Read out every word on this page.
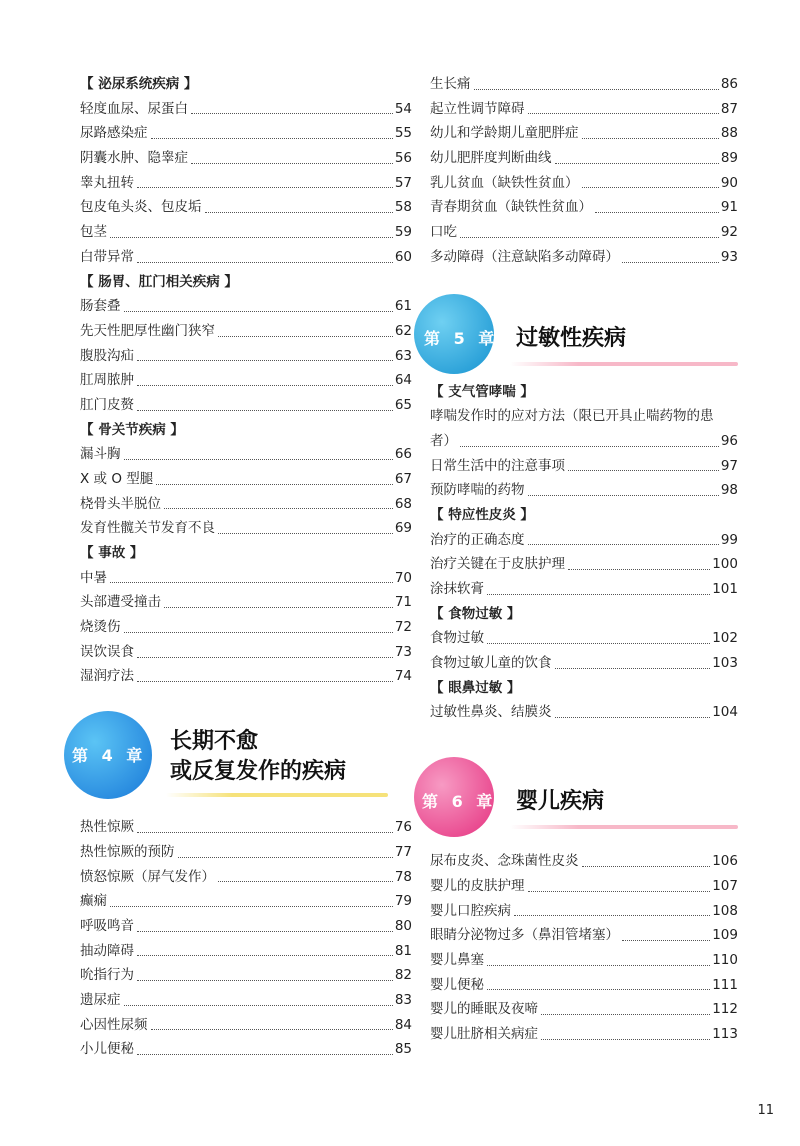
【 泌尿系统疾病 】
轻度血尿、尿蛋白	54
尿路感染症	55
阴囊水肿、隐睾症	56
睾丸扭转	57
包皮龟头炎、包皮垢	58
包茎	59
白带异常	60
【 肠胃、肛门相关疾病 】
肠套叠	61
先天性肥厚性幽门狭窄	62
腹股沟疝	63
肛周脓肿	64
肛门皮赘	65
【 骨关节疾病 】
漏斗胸	66
X 或 O 型腿	67
桡骨头半脱位	68
发育性髋关节发育不良	69
【 事故 】
中暑	70
头部遭受撞击	71
烧烫伤	72
误饮误食	73
湿润疗法	74
第 4 章
长期不愈
或反复发作的疾病
热性惊厥	76
热性惊厥的预防	77
愤怒惊厥（屏气发作）	78
癫痫	79
呼吸鸣音	80
抽动障碍	81
吮指行为	82
遗尿症	83
心因性尿频	84
小儿便秘	85
生长痛	86
起立性调节障碍	87
幼儿和学龄期儿童肥胖症	88
幼儿肥胖度判断曲线	89
乳儿贫血（缺铁性贫血）	90
青春期贫血（缺铁性贫血）	91
口吃	92
多动障碍（注意缺陷多动障碍）	93
第 5 章 过敏性疾病
【 支气管哮喘 】
哮喘发作时的应对方法（限已开具止喘药物的患
者）	96
日常生活中的注意事项	97
预防哮喘的药物	98
【 特应性皮炎 】
治疗的正确态度	99
治疗关键在于皮肤护理	100
涂抹软膏	101
【 食物过敏 】
食物过敏	102
食物过敏儿童的饮食	103
【 眼鼻过敏 】
过敏性鼻炎、结膜炎	104
第 6 章 婴儿疾病
尿布皮炎、念珠菌性皮炎	106
婴儿的皮肤护理	107
婴儿口腔疾病	108
眼睛分泌物过多（鼻泪管堵塞）	109
婴儿鼻塞	110
婴儿便秘	111
婴儿的睡眠及夜啼	112
婴儿肚脐相关病症	113
11
